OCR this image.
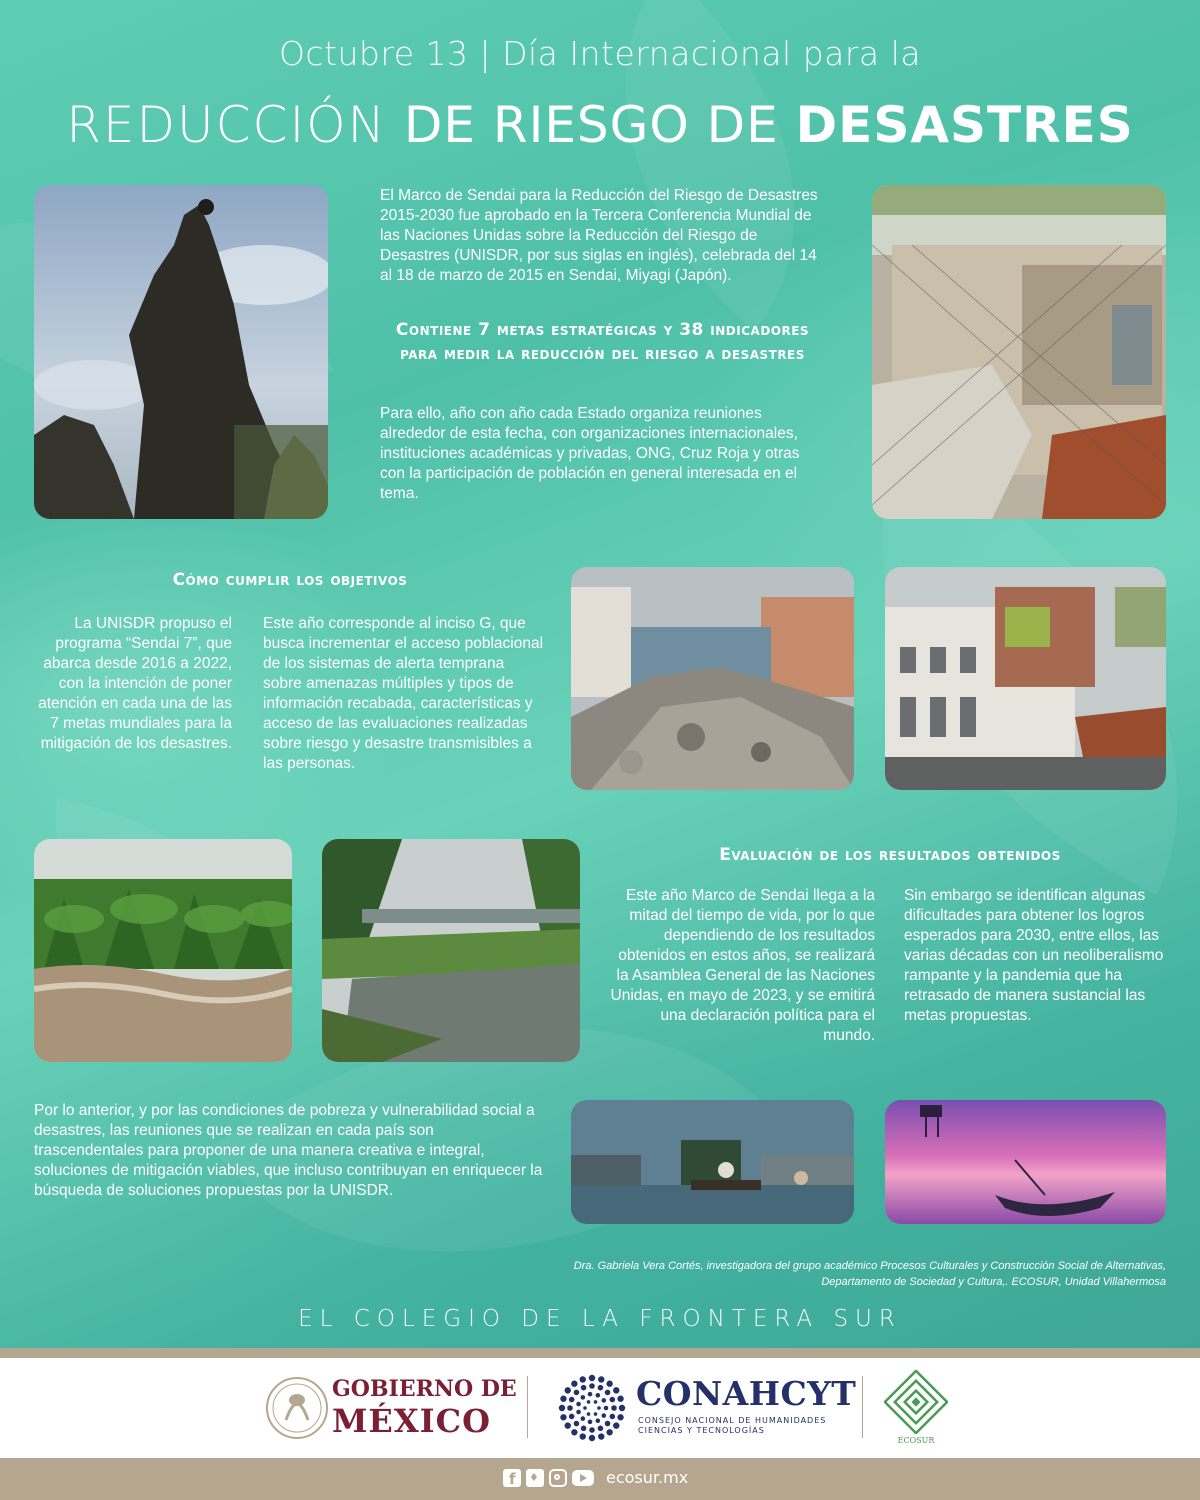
Octubre 13 | Día Internacional para la
REDUCCIÓN DE RIESGO DE DESASTRES
El Marco de Sendai para la Reducción del Riesgo de Desastres 2015-2030 fue aprobado en la Tercera Conferencia Mundial de las Naciones Unidas sobre la Reducción del Riesgo de Desastres (UNISDR, por sus siglas en inglés), celebrada del 14 al 18 de marzo de 2015 en Sendai, Miyagi (Japón).
Contiene 7 metas estratégicas y 38 indicadores para medir la reducción del riesgo a desastres
Para ello, año con año cada Estado organiza reuniones alrededor de esta fecha, con organizaciones internacionales, instituciones académicas y privadas, ONG, Cruz Roja y otras con la participación de población en general interesada en el tema.
Cómo cumplir los objetivos
La UNISDR propuso el programa “Sendai 7”, que abarca desde 2016 a 2022, con la intención de poner atención en cada una de las 7 metas mundiales para la mitigación de los desastres.
Este año corresponde al inciso G, que busca incrementar el acceso poblacional de los sistemas de alerta temprana sobre amenazas múltiples y tipos de información recabada, características y acceso de las evaluaciones realizadas sobre riesgo y desastre transmisibles a las personas.
Evaluación de los resultados obtenidos
Este año Marco de Sendai llega a la mitad del tiempo de vida, por lo que dependiendo de los resultados obtenidos en estos años, se realizará la Asamblea General de las Naciones Unidas, en mayo de 2023, y se emitirá una declaración política para el mundo.
Sin embargo se identifican algunas dificultades para obtener los logros esperados para 2030, entre ellos, las varias décadas con un neoliberalismo rampante y la pandemia que ha retrasado de manera sustancial las metas propuestas.
Por lo anterior, y por las condiciones de pobreza y vulnerabilidad social a desastres, las reuniones que se realizan en cada país son trascendentales para proponer de una manera creativa e integral, soluciones de mitigación viables, que incluso contribuyan en enriquecer la búsqueda de soluciones propuestas por la UNISDR.
Dra. Gabriela Vera Cortés, investigadora del grupo académico Procesos Culturales y Construcción Social de Alternativas,
Departamento de Sociedad y Cultura,. ECOSUR, Unidad Villahermosa
EL COLEGIO DE LA FRONTERA SUR
GOBIERNO DE
MÉXICO
CONAHCYT
CONSEJO NACIONAL DE HUMANIDADES
CIENCIAS Y TECNOLOGÍAS
ECOSUR
f ♦	ecosur.mx
